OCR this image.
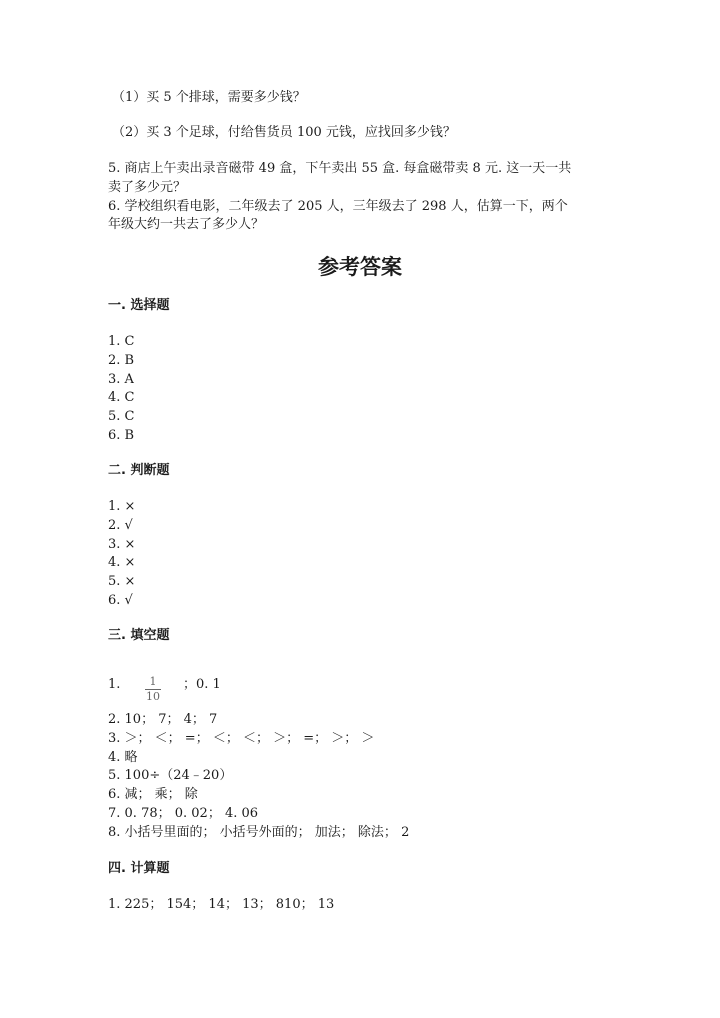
（1）买 5 个排球，需要多少钱？
（2）买 3 个足球，付给售货员 100 元钱，应找回多少钱？
5. 商店上午卖出录音磁带 49 盒，下午卖出 55 盒. 每盒磁带卖 8 元. 这一天一共
卖了多少元？
6. 学校组织看电影，二年级去了 205 人，三年级去了 298 人，估算一下，两个
年级大约一共去了多少人？
参考答案
一. 选择题
1. C
2. B
3. A
4. C
5. C
6. B
二. 判断题
1. ×
2. √
3. ×
4. ×
5. ×
6. √
三. 填空题
1.	1
10
；0. 1
2. 10； 7； 4； 7
3. ＞； ＜； =； ＜； ＜； ＞； =； ＞； ＞
4. 略
5. 100÷（24﹣20）
6. 减； 乘； 除
7. 0. 78； 0. 02； 4. 06
8. 小括号里面的； 小括号外面的； 加法； 除法； 2
四. 计算题
1. 225； 154； 14； 13； 810； 13
